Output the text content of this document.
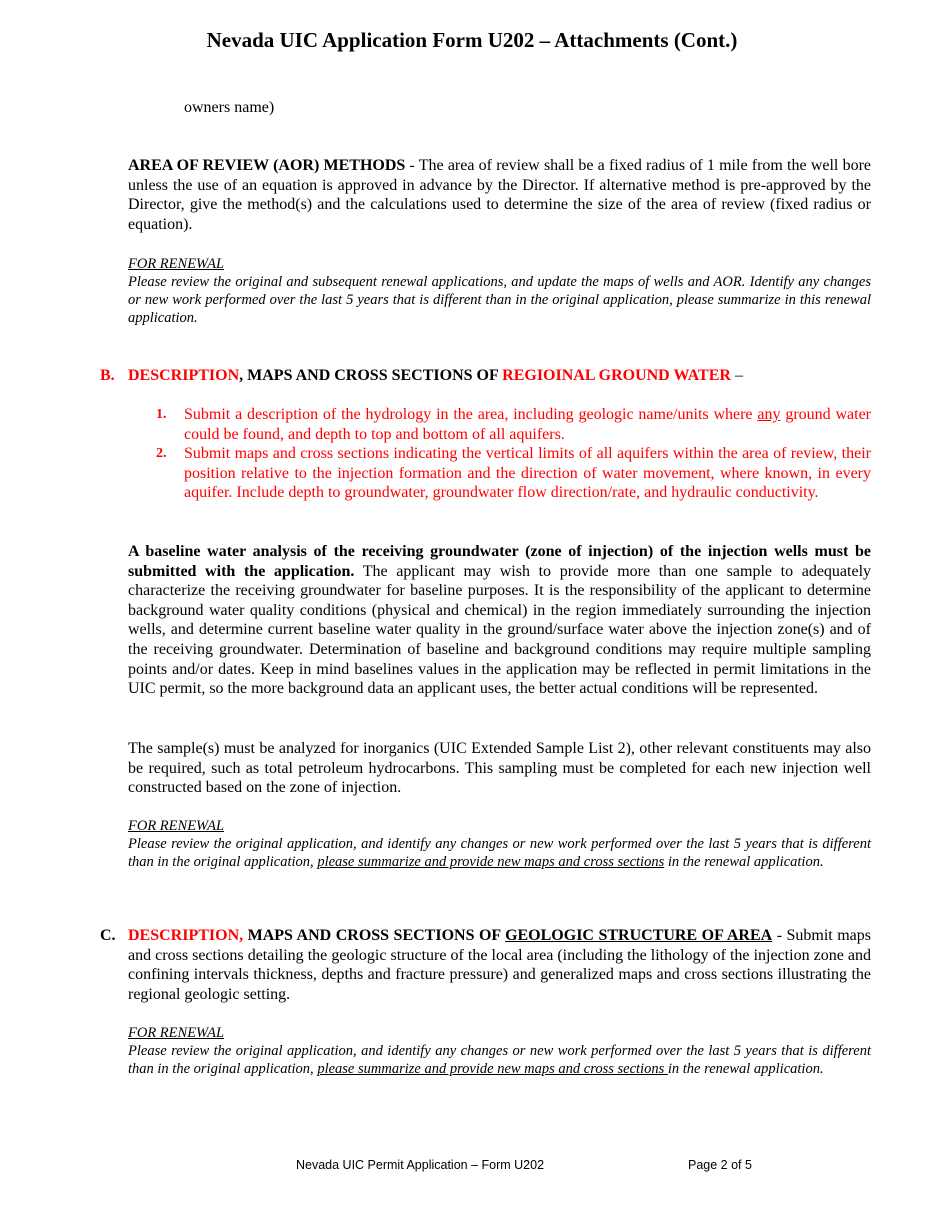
Nevada UIC Application Form U202 – Attachments (Cont.)
owners name)
AREA OF REVIEW (AOR) METHODS - The area of review shall be a fixed radius of 1 mile from the well bore unless the use of an equation is approved in advance by the Director. If alternative method is pre-approved by the Director, give the method(s) and the calculations used to determine the size of the area of review (fixed radius or equation).
FOR RENEWAL
Please review the original and subsequent renewal applications, and update the maps of wells and AOR. Identify any changes or new work performed over the last 5 years that is different than in the original application, please summarize in this renewal application.
B. DESCRIPTION, MAPS AND CROSS SECTIONS OF REGIOINAL GROUND WATER –
1. Submit a description of the hydrology in the area, including geologic name/units where any ground water could be found, and depth to top and bottom of all aquifers.
2. Submit maps and cross sections indicating the vertical limits of all aquifers within the area of review, their position relative to the injection formation and the direction of water movement, where known, in every aquifer. Include depth to groundwater, groundwater flow direction/rate, and hydraulic conductivity.
A baseline water analysis of the receiving groundwater (zone of injection) of the injection wells must be submitted with the application. The applicant may wish to provide more than one sample to adequately characterize the receiving groundwater for baseline purposes. It is the responsibility of the applicant to determine background water quality conditions (physical and chemical) in the region immediately surrounding the injection wells, and determine current baseline water quality in the ground/surface water above the injection zone(s) and of the receiving groundwater. Determination of baseline and background conditions may require multiple sampling points and/or dates. Keep in mind baselines values in the application may be reflected in permit limitations in the UIC permit, so the more background data an applicant uses, the better actual conditions will be represented.
The sample(s) must be analyzed for inorganics (UIC Extended Sample List 2), other relevant constituents may also be required, such as total petroleum hydrocarbons. This sampling must be completed for each new injection well constructed based on the zone of injection.
FOR RENEWAL
Please review the original application, and identify any changes or new work performed over the last 5 years that is different than in the original application, please summarize and provide new maps and cross sections in the renewal application.
C. DESCRIPTION, MAPS AND CROSS SECTIONS OF GEOLOGIC STRUCTURE OF AREA - Submit maps and cross sections detailing the geologic structure of the local area (including the lithology of the injection zone and confining intervals thickness, depths and fracture pressure) and generalized maps and cross sections illustrating the regional geologic setting.
FOR RENEWAL
Please review the original application, and identify any changes or new work performed over the last 5 years that is different than in the original application, please summarize and provide new maps and cross sections in the renewal application.
Nevada UIC Permit Application – Form U202	Page 2 of 5
